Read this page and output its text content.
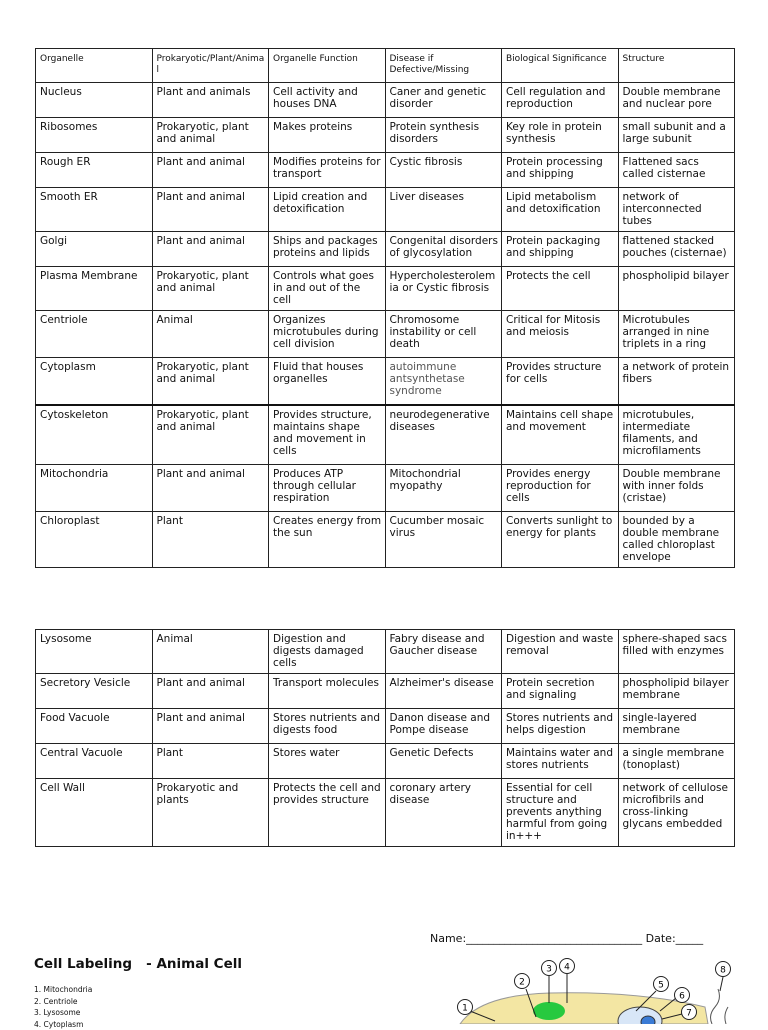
Organelle	Prokaryotic/Plant/Animal	Organelle Function	Disease if Defective/Missing	Biological Significance	Structure
Nucleus	Plant and animals	Cell activity and houses DNA	Caner and genetic disorder	Cell regulation and reproduction	Double membrane and nuclear pore
Ribosomes	Prokaryotic, plant and animal	Makes proteins	Protein synthesis disorders	Key role in protein synthesis	small subunit and a large subunit
Rough ER	Plant and animal	Modifies proteins for transport	Cystic fibrosis	Protein processing and shipping	Flattened sacs called cisternae
Smooth ER	Plant and animal	Lipid creation and detoxification	Liver diseases	Lipid metabolism and detoxification	network of interconnected tubes
Golgi	Plant and animal	Ships and packages proteins and lipids	Congenital disorders of glycosylation	Protein packaging and shipping	flattened stacked pouches (cisternae)
Plasma Membrane	Prokaryotic, plant and animal	Controls what goes in and out of the cell	Hypercholesterolemia or Cystic fibrosis	Protects the cell	phospholipid bilayer
Centriole	Animal	Organizes microtubules during cell division	Chromosome instability or cell death	Critical for Mitosis and meiosis	Microtubules arranged in nine triplets in a ring
Cytoplasm	Prokaryotic, plant and animal	Fluid that houses organelles	autoimmune antsynthetase syndrome	Provides structure for cells	a network of protein fibers
Cytoskeleton	Prokaryotic, plant and animal	Provides structure, maintains shape and movement in cells	neurodegenerative diseases	Maintains cell shape and movement	microtubules, intermediate filaments, and microfilaments
Mitochondria	Plant and animal	Produces ATP through cellular respiration	Mitochondrial myopathy	Provides energy reproduction for cells	Double membrane with inner folds (cristae)
Chloroplast	Plant	Creates energy from the sun	Cucumber mosaic virus	Converts sunlight to energy for plants	bounded by a double membrane called chloroplast envelope
Lysosome	Animal	Digestion and digests damaged cells	Fabry disease and Gaucher disease	Digestion and waste removal	sphere-shaped sacs filled with enzymes
Secretory Vesicle	Plant and animal	Transport molecules	Alzheimer's disease	Protein secretion and signaling	phospholipid bilayer membrane
Food Vacuole	Plant and animal	Stores nutrients and digests food	Danon disease and Pompe disease	Stores nutrients and helps digestion	single-layered membrane
Central Vacuole	Plant	Stores water	Genetic Defects	Maintains water and stores nutrients	a single membrane (tonoplast)
Cell Wall	Prokaryotic and plants	Protects the cell and provides structure	coronary artery disease	Essential for cell structure and prevents anything harmful from going in+++	network of cellulose microfibrils and cross-linking glycans embedded
Name:________________________________ Date:_____
Cell Labeling   - Animal Cell
1. Mitochondria
2. Centriole
3. Lysosome
4. Cytoplasm
1
2
3 4
5
6
7
8
